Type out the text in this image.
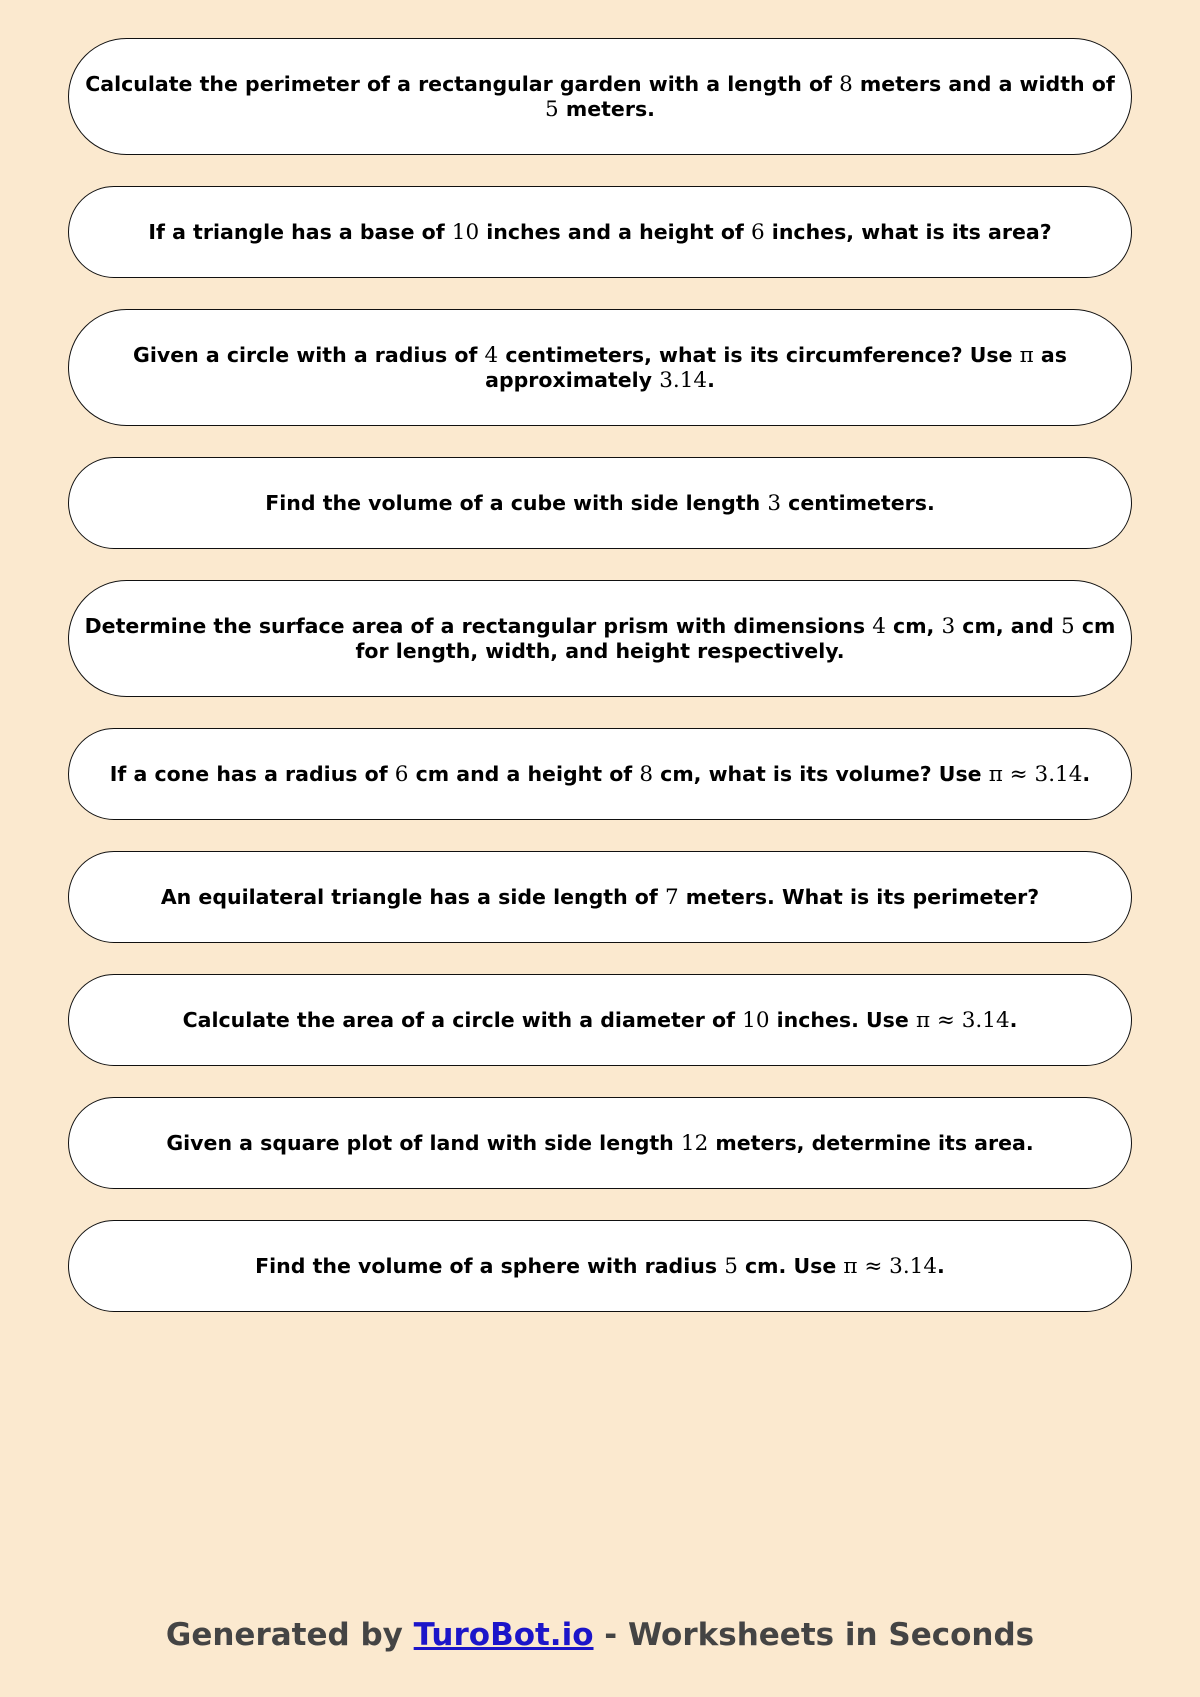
Calculate the perimeter of a rectangular garden with a length of 8 meters and a width of 5 meters.
If a triangle has a base of 10 inches and a height of 6 inches, what is its area?
Given a circle with a radius of 4 centimeters, what is its circumference? Use π as approximately 3.14.
Find the volume of a cube with side length 3 centimeters.
Determine the surface area of a rectangular prism with dimensions 4 cm, 3 cm, and 5 cm for length, width, and height respectively.
If a cone has a radius of 6 cm and a height of 8 cm, what is its volume? Use π ≈ 3.14.
An equilateral triangle has a side length of 7 meters. What is its perimeter?
Calculate the area of a circle with a diameter of 10 inches. Use π ≈ 3.14.
Given a square plot of land with side length 12 meters, determine its area.
Find the volume of a sphere with radius 5 cm. Use π ≈ 3.14.
Generated by TuroBot.io - Worksheets in Seconds
